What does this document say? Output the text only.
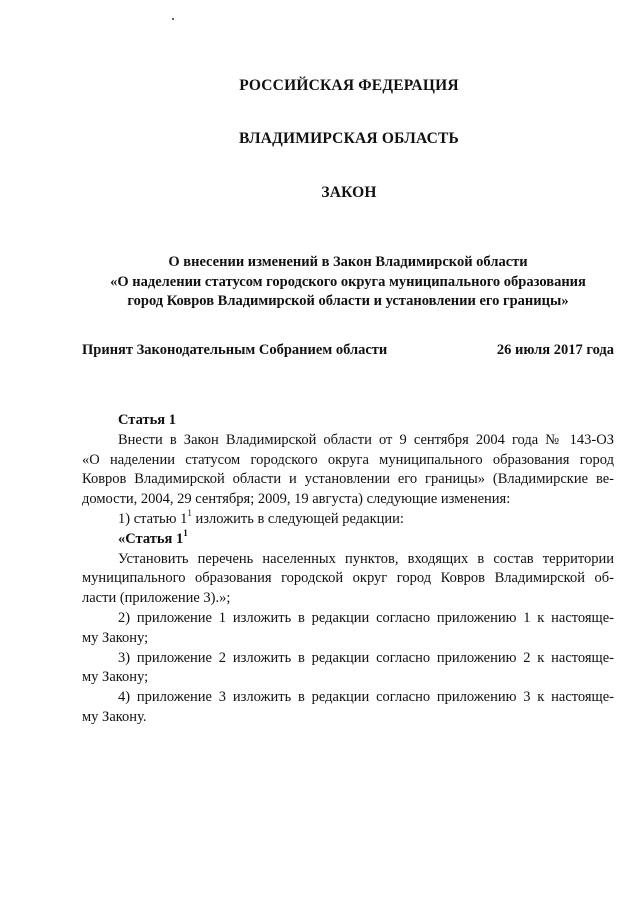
РОССИЙСКАЯ ФЕДЕРАЦИЯ
ВЛАДИМИРСКАЯ ОБЛАСТЬ
ЗАКОН
О внесении изменений в Закон Владимирской области
«О наделении статусом городского округа муниципального образования
город Ковров Владимирской области и установлении его границы»
Принят Законодательным Собранием области	26 июля 2017 года
Статья 1
Внести в Закон Владимирской области от 9 сентября 2004 года № 143-ОЗ
«О наделении статусом городского округа муниципального образования город
Ковров Владимирской области и установлении его границы» (Владимирские ве-
домости, 2004, 29 сентября; 2009, 19 августа) следующие изменения:
1) статью $1^1$ изложить в следующей редакции:
«Статья $1^1$
Установить перечень населенных пунктов, входящих в состав территории
муниципального образования городской округ город Ковров Владимирской об-
ласти (приложение 3).»;
2) приложение 1 изложить в редакции согласно приложению 1 к настояще-
му Закону;
3) приложение 2 изложить в редакции согласно приложению 2 к настояще-
му Закону;
4) приложение 3 изложить в редакции согласно приложению 3 к настояще-
му Закону.
